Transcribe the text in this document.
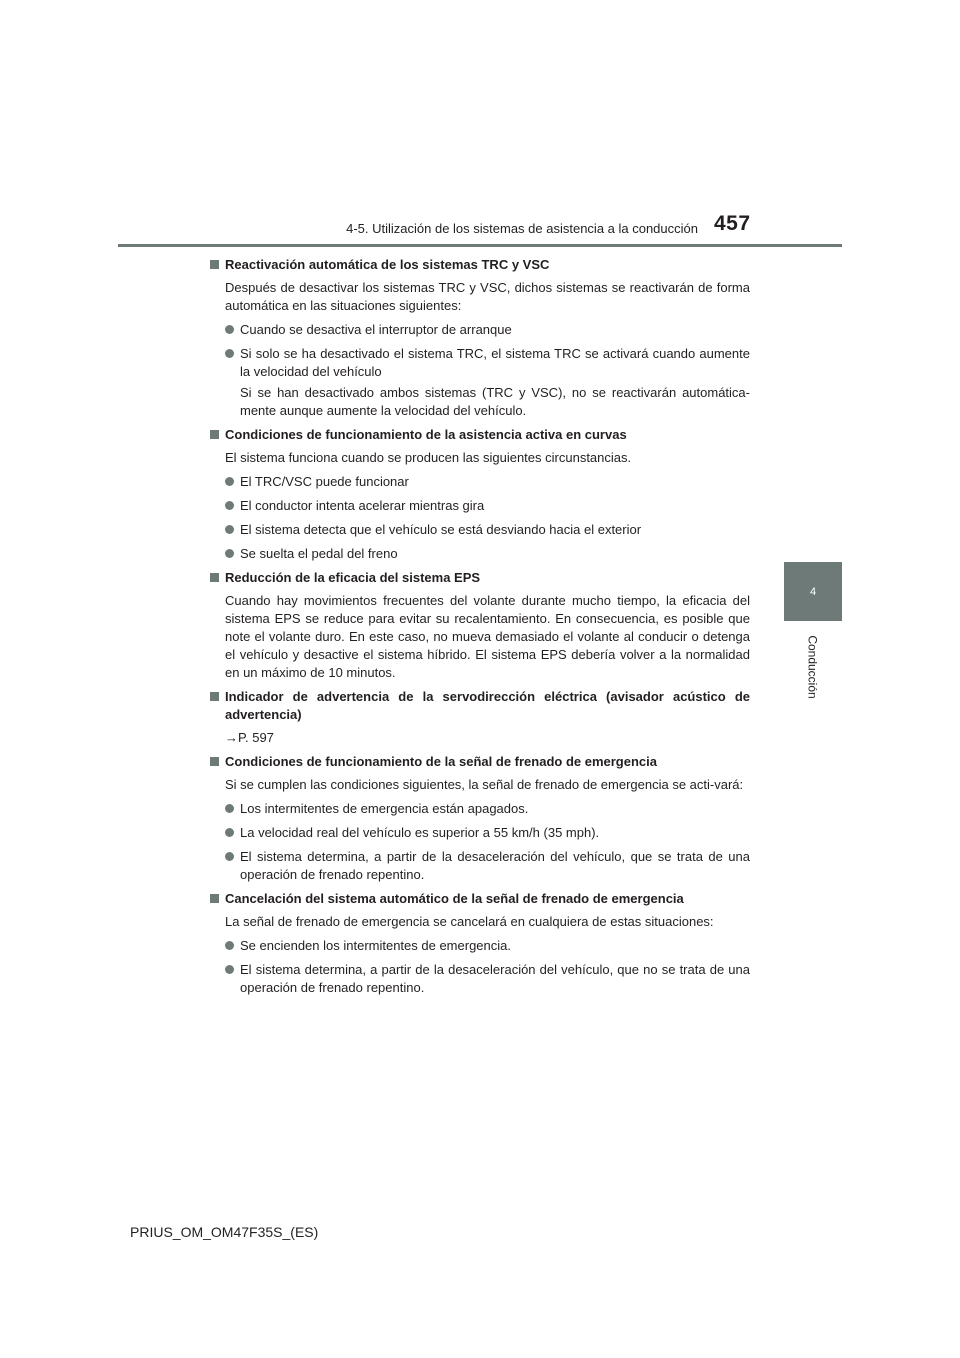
4-5. Utilización de los sistemas de asistencia a la conducción 457
4
Conducción
Reactivación automática de los sistemas TRC y VSC
Después de desactivar los sistemas TRC y VSC, dichos sistemas se reactivarán de forma automática en las situaciones siguientes:
Cuando se desactiva el interruptor de arranque
Si solo se ha desactivado el sistema TRC, el sistema TRC se activará cuando aumente la velocidad del vehículo
Si se han desactivado ambos sistemas (TRC y VSC), no se reactivarán automática-mente aunque aumente la velocidad del vehículo.
Condiciones de funcionamiento de la asistencia activa en curvas
El sistema funciona cuando se producen las siguientes circunstancias.
El TRC/VSC puede funcionar
El conductor intenta acelerar mientras gira
El sistema detecta que el vehículo se está desviando hacia el exterior
Se suelta el pedal del freno
Reducción de la eficacia del sistema EPS
Cuando hay movimientos frecuentes del volante durante mucho tiempo, la eficacia del sistema EPS se reduce para evitar su recalentamiento. En consecuencia, es posible que note el volante duro. En este caso, no mueva demasiado el volante al conducir o detenga el vehículo y desactive el sistema híbrido. El sistema EPS debería volver a la normalidad en un máximo de 10 minutos.
Indicador de advertencia de la servodirección eléctrica (avisador acústico de advertencia)
→P. 597
Condiciones de funcionamiento de la señal de frenado de emergencia
Si se cumplen las condiciones siguientes, la señal de frenado de emergencia se acti-vará:
Los intermitentes de emergencia están apagados.
La velocidad real del vehículo es superior a 55 km/h (35 mph).
El sistema determina, a partir de la desaceleración del vehículo, que se trata de una operación de frenado repentino.
Cancelación del sistema automático de la señal de frenado de emergencia
La señal de frenado de emergencia se cancelará en cualquiera de estas situaciones:
Se encienden los intermitentes de emergencia.
El sistema determina, a partir de la desaceleración del vehículo, que no se trata de una operación de frenado repentino.
PRIUS_OM_OM47F35S_(ES)
